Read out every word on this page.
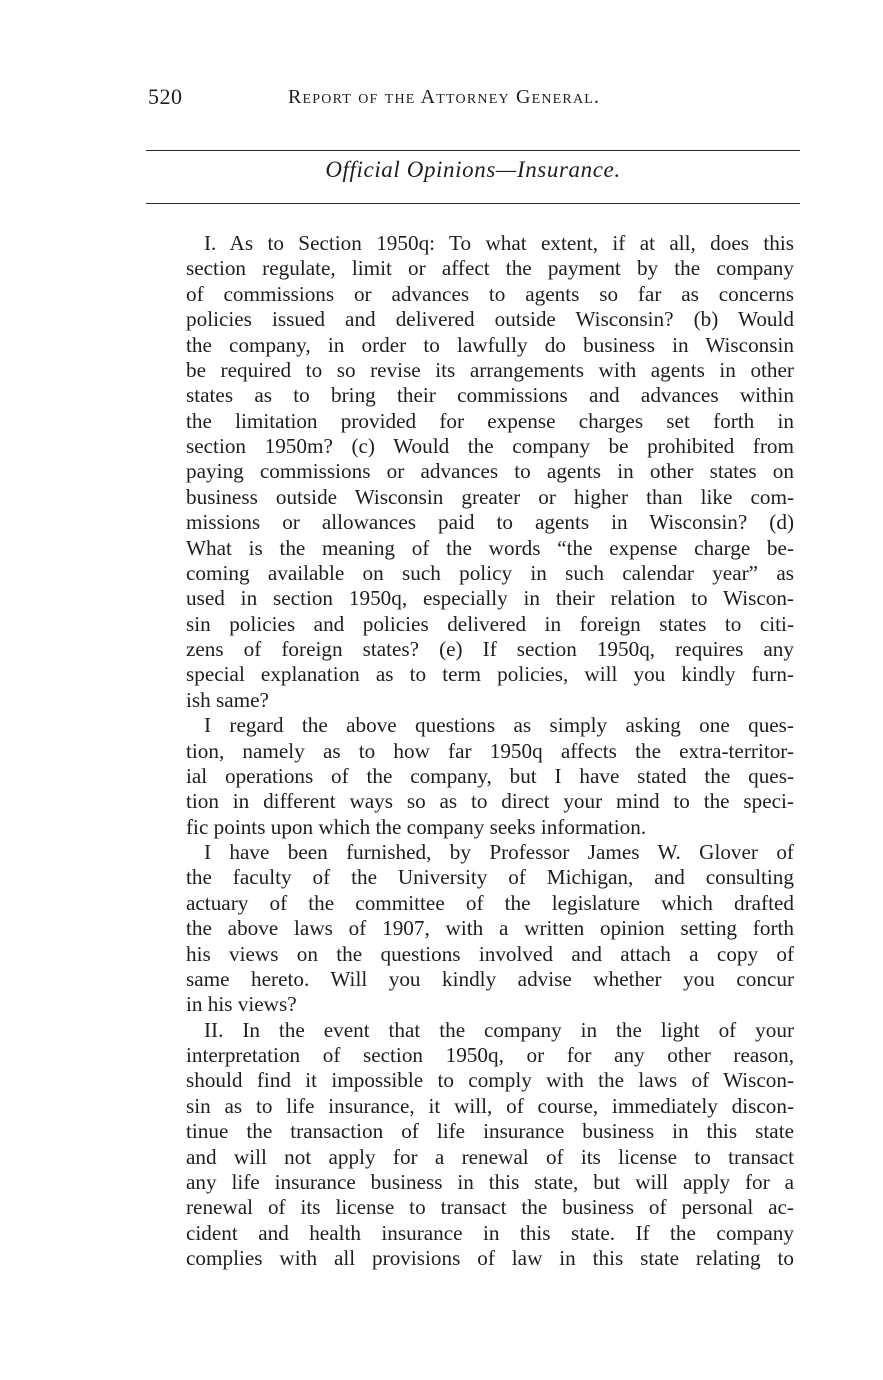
520	Report of the Attorney General.
Official Opinions—Insurance.
I. As to Section 1950q: To what extent, if at all, does this
section regulate, limit or affect the payment by the company
of commissions or advances to agents so far as concerns
policies issued and delivered outside Wisconsin? (b) Would
the company, in order to lawfully do business in Wisconsin
be required to so revise its arrangements with agents in other
states as to bring their commissions and advances within
the limitation provided for expense charges set forth in
section 1950m? (c) Would the company be prohibited from
paying commissions or advances to agents in other states on
business outside Wisconsin greater or higher than like com-
missions or allowances paid to agents in Wisconsin? (d)
What is the meaning of the words “the expense charge be-
coming available on such policy in such calendar year” as
used in section 1950q, especially in their relation to Wiscon-
sin policies and policies delivered in foreign states to citi-
zens of foreign states? (e) If section 1950q, requires any
special explanation as to term policies, will you kindly furn-
ish same?
I regard the above questions as simply asking one ques-
tion, namely as to how far 1950q affects the extra-territor-
ial operations of the company, but I have stated the ques-
tion in different ways so as to direct your mind to the speci-
fic points upon which the company seeks information.
I have been furnished, by Professor James W. Glover of
the faculty of the University of Michigan, and consulting
actuary of the committee of the legislature which drafted
the above laws of 1907, with a written opinion setting forth
his views on the questions involved and attach a copy of
same hereto. Will you kindly advise whether you concur
in his views?
II. In the event that the company in the light of your
interpretation of section 1950q, or for any other reason,
should find it impossible to comply with the laws of Wiscon-
sin as to life insurance, it will, of course, immediately discon-
tinue the transaction of life insurance business in this state
and will not apply for a renewal of its license to transact
any life insurance business in this state, but will apply for a
renewal of its license to transact the business of personal ac-
cident and health insurance in this state. If the company
complies with all provisions of law in this state relating to
